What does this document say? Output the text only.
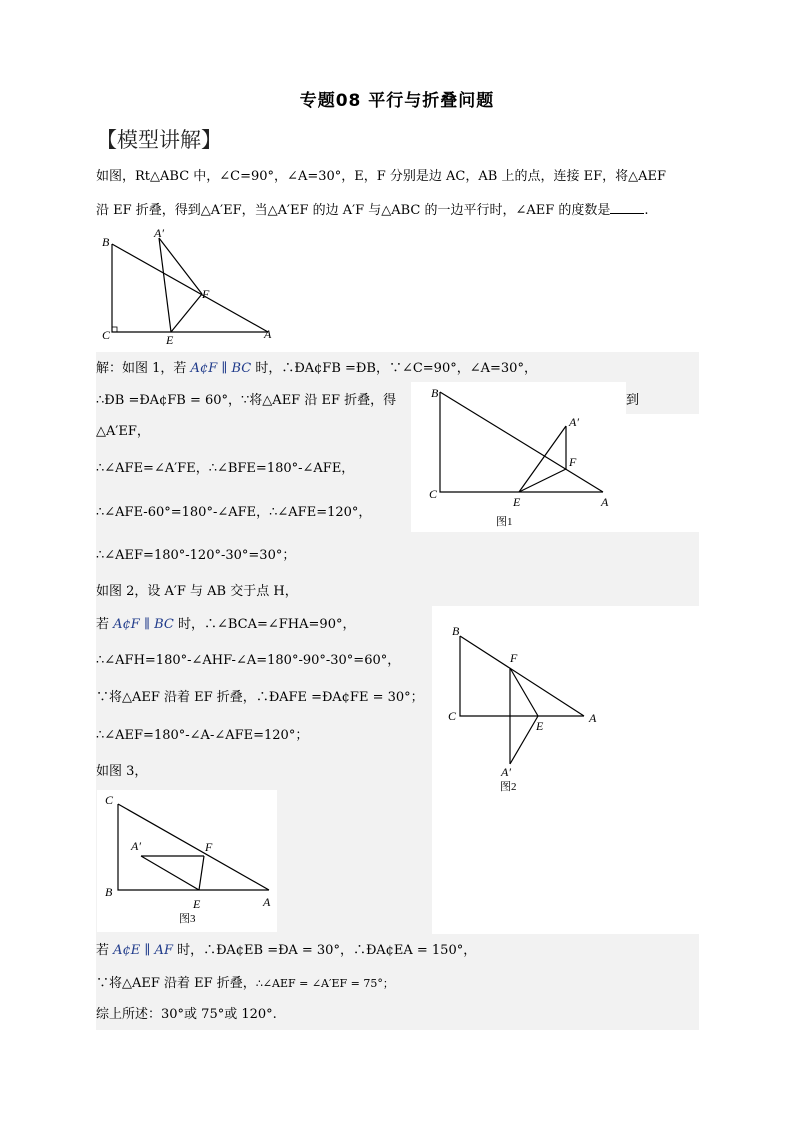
专题08 平行与折叠问题
【模型讲解】
如图，Rt△ABC 中，∠C=90°，∠A=30°，E，F 分别是边 AC，AB 上的点，连接 EF，将△AEF
沿 EF 折叠，得到△A′EF，当△A′EF 的边 A′F 与△ABC 的一边平行时，∠AEF 的度数是	.
B
C	A
E
F
A′
解：如图 1，若 A¢F ∥ BC 时，∴ÐA¢FB =ÐB，∵∠C=90°，∠A=30°，
∴ÐB =ÐA¢FB = 60°，∵将△AEF 沿 EF 折叠，得	到
△A′EF，
∴∠AFE=∠A′FE，∴∠BFE=180°-∠AFE，
∴∠AFE-60°=180°-∠AFE，∴∠AFE=120°，
∴∠AEF=180°-120°-30°=30°；
如图 2，设 A′F 与 AB 交于点 H，
若 A¢F ∥ BC 时，∴∠BCA=∠FHA=90°，
∴∠AFH=180°-∠AHF-∠A=180°-90°-30°=60°，
∵将△AEF 沿着 EF 折叠，∴ÐAFE =ÐA¢FE = 30°；
∴∠AEF=180°-∠A-∠AFE=120°；
如图 3，
若 A¢E ∥ AF 时，∴ÐA¢EB =ÐA = 30°，∴ÐA¢EA = 150°，
∵将△AEF 沿着 EF 折叠，∴∠AEF = ∠A′EF = 75°；
综上所述：30°或 75°或 120°.
B
C
A
E
F
A′
图1
B
C	A
E
F
A′
图2
C
B
A
E
F
A′
图3
